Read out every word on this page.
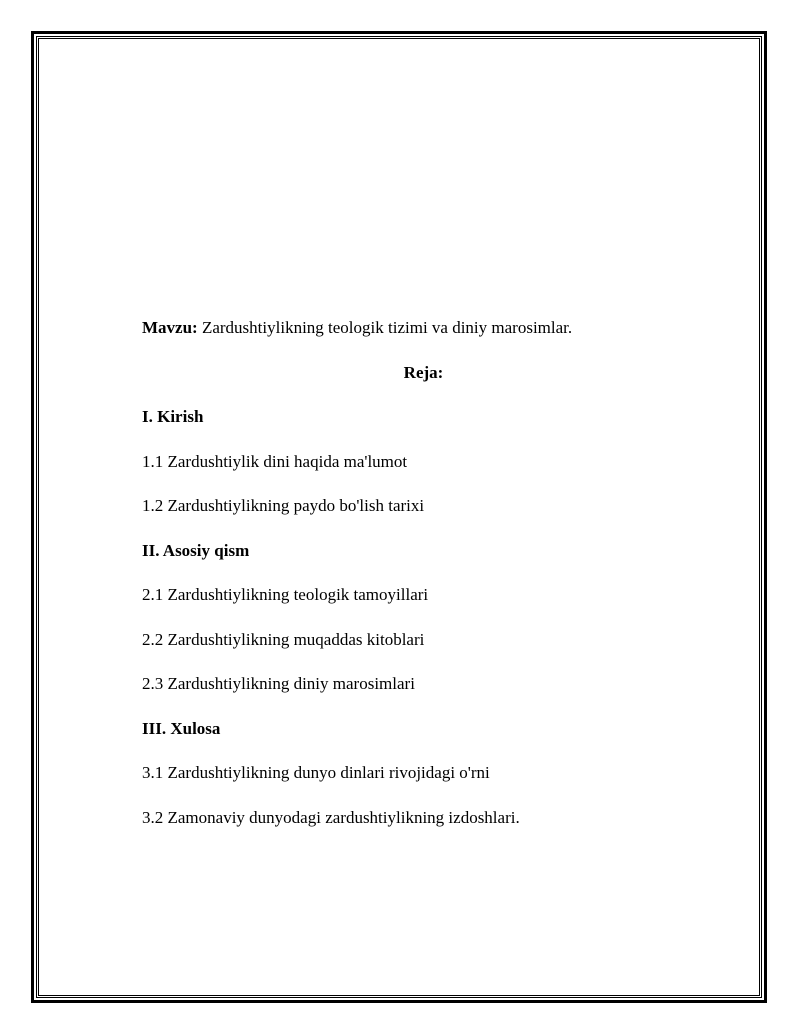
Mavzu: Zardushtiylikning teologik tizimi va diniy marosimlar.
Reja:
I. Kirish
1.1 Zardushtiylik dini haqida ma'lumot
1.2 Zardushtiylikning paydo bo'lish tarixi
II. Asosiy qism
2.1 Zardushtiylikning teologik tamoyillari
2.2 Zardushtiylikning muqaddas kitoblari
2.3 Zardushtiylikning diniy marosimlari
III. Xulosa
3.1 Zardushtiylikning dunyo dinlari rivojidagi o'rni
3.2 Zamonaviy dunyodagi zardushtiylikning izdoshlari.
